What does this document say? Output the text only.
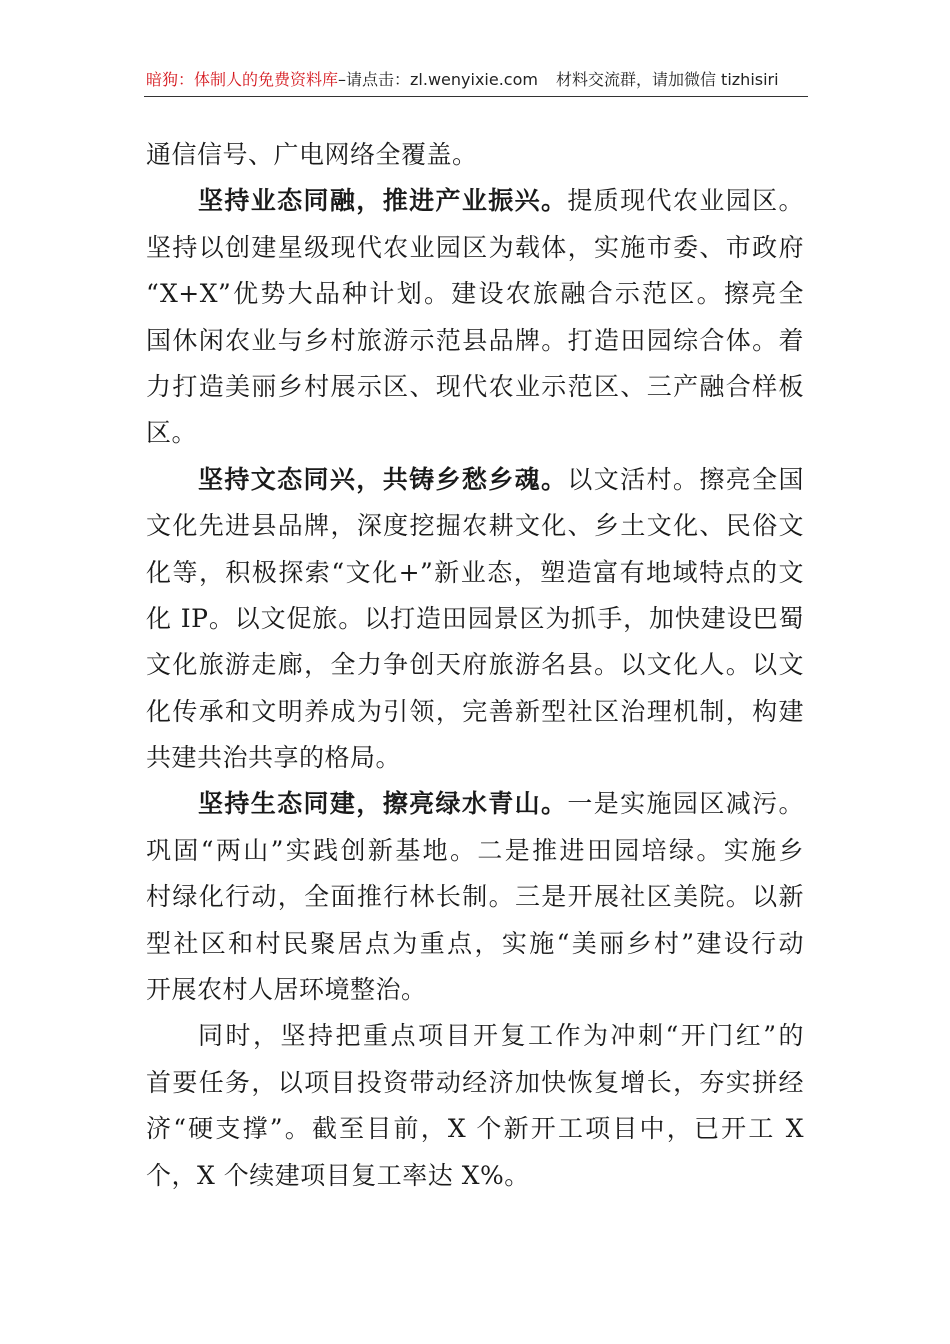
暗狗：体制人的免费资料库–请点击：zl.wenyixie.com 材料交流群，请加微信 tizhisiri
通信信号、广电网络全覆盖。
坚持业态同融，推进产业振兴。提质现代农业园区。
坚持以创建星级现代农业园区为载体，实施市委、市政府
“X+X”优势大品种计划。建设农旅融合示范区。擦亮全
国休闲农业与乡村旅游示范县品牌。打造田园综合体。着
力打造美丽乡村展示区、现代农业示范区、三产融合样板
区。
坚持文态同兴，共铸乡愁乡魂。以文活村。擦亮全国
文化先进县品牌，深度挖掘农耕文化、乡土文化、民俗文
化等，积极探索“文化+”新业态，塑造富有地域特点的文
化 IP。以文促旅。以打造田园景区为抓手，加快建设巴蜀
文化旅游走廊，全力争创天府旅游名县。以文化人。以文
化传承和文明养成为引领，完善新型社区治理机制，构建
共建共治共享的格局。
坚持生态同建，擦亮绿水青山。一是实施园区减污。
巩固“两山”实践创新基地。二是推进田园培绿。实施乡
村绿化行动，全面推行林长制。三是开展社区美院。以新
型社区和村民聚居点为重点，实施“美丽乡村”建设行动
开展农村人居环境整治。
同时，坚持把重点项目开复工作为冲刺“开门红”的
首要任务，以项目投资带动经济加快恢复增长，夯实拼经
济“硬支撑”。截至目前，X 个新开工项目中，已开工 X
个，X 个续建项目复工率达 X%。
